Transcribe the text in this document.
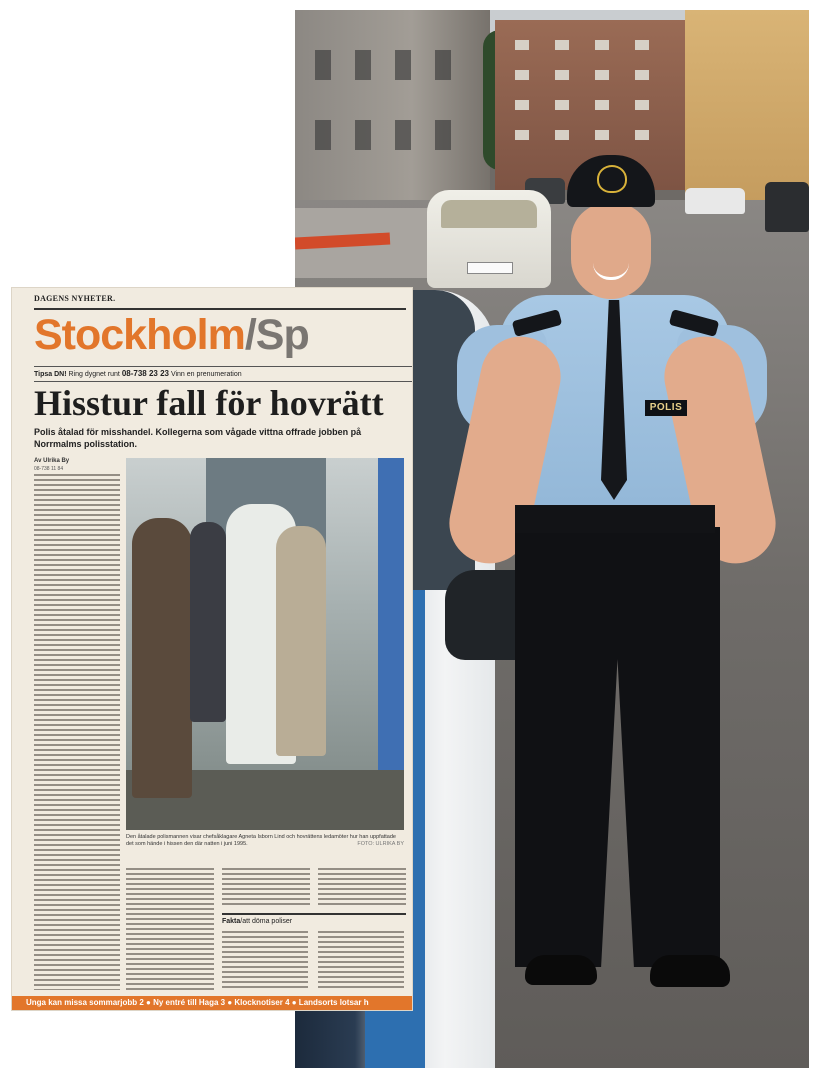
POLIS
DAGENS NYHETER.
Stockholm/Sp
Tipsa DN! Ring dygnet runt 08-738 23 23 Vinn en prenumeration
Hisstur fall för hovrätt
Polis åtalad för misshandel. Kollegerna som vågade vittna offrade jobben på Norrmalms polisstation.
Av Ulrika By
08-738 11 84
Den åtalade polismannen visar chefsåklagare Agneta Isborn Lind och hovrättens ledamöter hur han uppfattade det som hände i hissen den där natten i juni 1995.	FOTO: ULRIKA BY
Fakta/att döma poliser
Unga kan missa sommarjobb 2 ● Ny entré till Haga 3 ● Klocknotiser 4 ● Landsorts lotsar h
